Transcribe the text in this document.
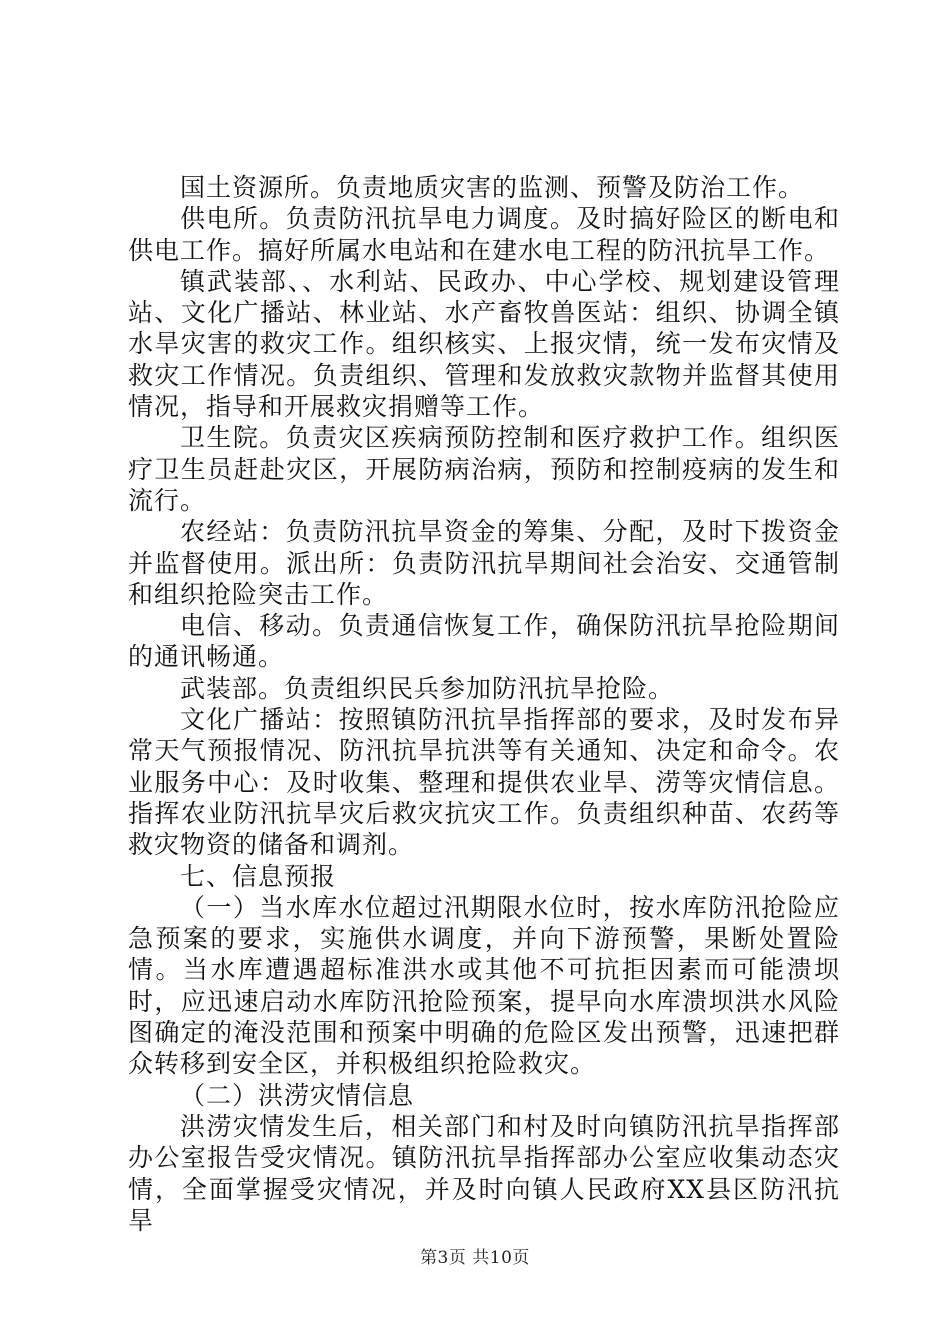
国土资源所。负责地质灾害的监测、预警及防治工作。

供电所。负责防汛抗旱电力调度。及时搞好险区的断电和供电工作。搞好所属水电站和在建水电工程的防汛抗旱工作。

镇武装部、、水利站、民政办、中心学校、规划建设管理站、文化广播站、林业站、水产畜牧兽医站：组织、协调全镇水旱灾害的救灾工作。组织核实、上报灾情，统一发布灾情及救灾工作情况。负责组织、管理和发放救灾款物并监督其使用情况，指导和开展救灾捐赠等工作。

卫生院。负责灾区疾病预防控制和医疗救护工作。组织医疗卫生员赶赴灾区，开展防病治病，预防和控制疫病的发生和流行。

农经站：负责防汛抗旱资金的筹集、分配，及时下拨资金并监督使用。派出所：负责防汛抗旱期间社会治安、交通管制和组织抢险突击工作。

电信、移动。负责通信恢复工作，确保防汛抗旱抢险期间的通讯畅通。

武装部。负责组织民兵参加防汛抗旱抢险。

文化广播站：按照镇防汛抗旱指挥部的要求，及时发布异常天气预报情况、防汛抗旱抗洪等有关通知、决定和命令。农业服务中心：及时收集、整理和提供农业旱、涝等灾情信息。指挥农业防汛抗旱灾后救灾抗灾工作。负责组织种苗、农药等救灾物资的储备和调剂。

七、信息预报

（一）当水库水位超过汛期限水位时，按水库防汛抢险应急预案的要求，实施供水调度，并向下游预警，果断处置险情。当水库遭遇超标准洪水或其他不可抗拒因素而可能溃坝时，应迅速启动水库防汛抢险预案，提早向水库溃坝洪水风险图确定的淹没范围和预案中明确的危险区发出预警，迅速把群众转移到安全区，并积极组织抢险救灾。

（二）洪涝灾情信息

洪涝灾情发生后，相关部门和村及时向镇防汛抗旱指挥部办公室报告受灾情况。镇防汛抗旱指挥部办公室应收集动态灾情，全面掌握受灾情况，并及时向镇人民政府XX县区防汛抗旱

第3页 共10页
